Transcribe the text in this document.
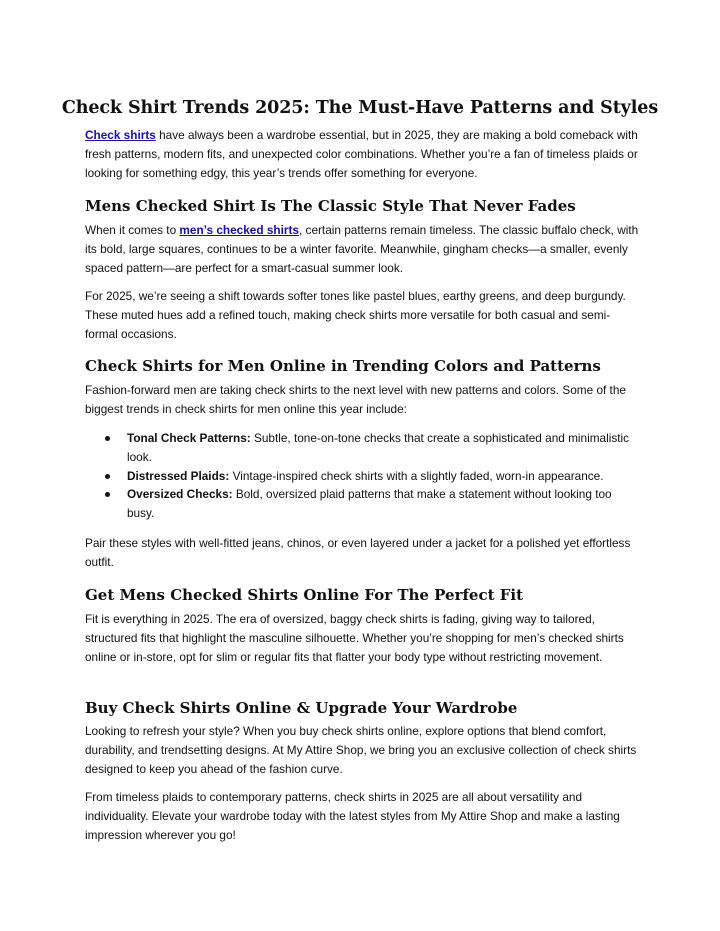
Check Shirt Trends 2025: The Must-Have Patterns and Styles

Check shirts have always been a wardrobe essential, but in 2025, they are making a bold comeback with fresh patterns, modern fits, and unexpected color combinations. Whether you’re a fan of timeless plaids or looking for something edgy, this year’s trends offer something for everyone.

Mens Checked Shirt Is The Classic Style That Never Fades

When it comes to men’s checked shirts, certain patterns remain timeless. The classic buffalo check, with its bold, large squares, continues to be a winter favorite. Meanwhile, gingham checks—a smaller, evenly spaced pattern—are perfect for a smart-casual summer look.

For 2025, we’re seeing a shift towards softer tones like pastel blues, earthy greens, and deep burgundy. These muted hues add a refined touch, making check shirts more versatile for both casual and semi-formal occasions.

Check Shirts for Men Online in Trending Colors and Patterns

Fashion-forward men are taking check shirts to the next level with new patterns and colors. Some of the biggest trends in check shirts for men online this year include:

Tonal Check Patterns: Subtle, tone-on-tone checks that create a sophisticated and minimalistic look.
Distressed Plaids: Vintage-inspired check shirts with a slightly faded, worn-in appearance.
Oversized Checks: Bold, oversized plaid patterns that make a statement without looking too busy.

Pair these styles with well-fitted jeans, chinos, or even layered under a jacket for a polished yet effortless outfit.

Get Mens Checked Shirts Online For The Perfect Fit

Fit is everything in 2025. The era of oversized, baggy check shirts is fading, giving way to tailored, structured fits that highlight the masculine silhouette. Whether you’re shopping for men’s checked shirts online or in-store, opt for slim or regular fits that flatter your body type without restricting movement.

Buy Check Shirts Online & Upgrade Your Wardrobe

Looking to refresh your style? When you buy check shirts online, explore options that blend comfort, durability, and trendsetting designs. At My Attire Shop, we bring you an exclusive collection of check shirts designed to keep you ahead of the fashion curve.

From timeless plaids to contemporary patterns, check shirts in 2025 are all about versatility and individuality. Elevate your wardrobe today with the latest styles from My Attire Shop and make a lasting impression wherever you go!
